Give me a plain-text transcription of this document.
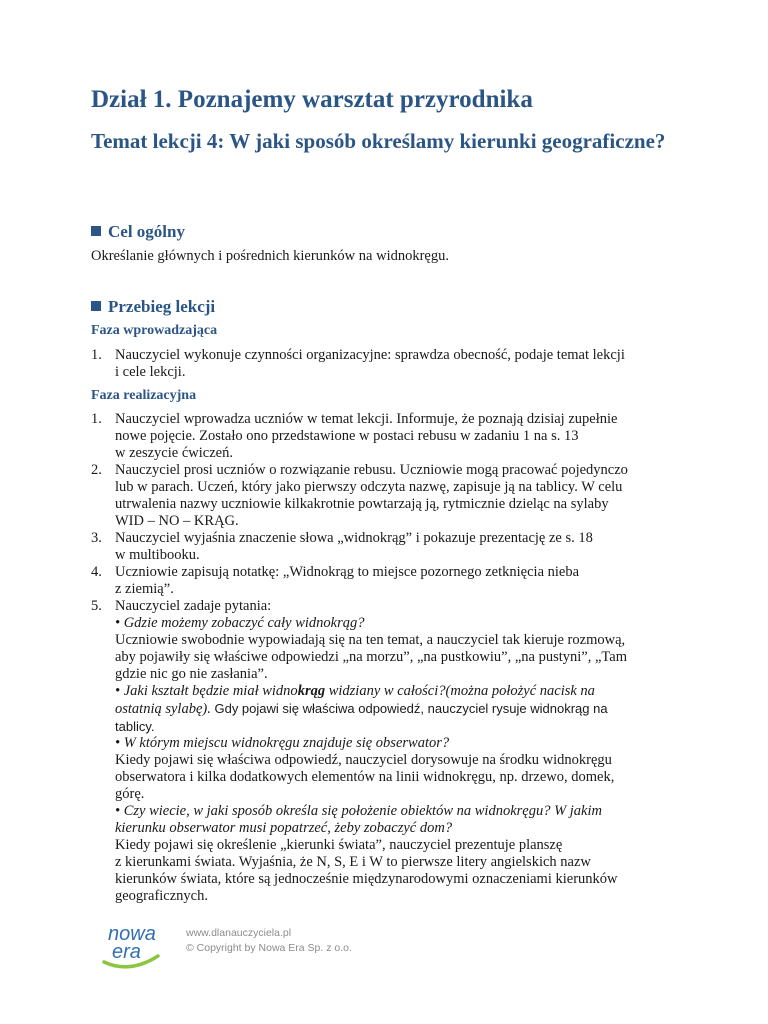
Dział 1. Poznajemy warsztat przyrodnika
Temat lekcji 4: W jaki sposób określamy kierunki geograficzne?
Cel ogólny
Określanie głównych i pośrednich kierunków na widnokręgu.
Przebieg lekcji
Faza wprowadzająca
1. Nauczyciel wykonuje czynności organizacyjne: sprawdza obecność, podaje temat lekcji
i cele lekcji.
Faza realizacyjna
1. Nauczyciel wprowadza uczniów w temat lekcji. Informuje, że poznają dzisiaj zupełnie
nowe pojęcie. Zostało ono przedstawione w postaci rebusu w zadaniu 1 na s. 13
w zeszycie ćwiczeń.
2. Nauczyciel prosi uczniów o rozwiązanie rebusu. Uczniowie mogą pracować pojedynczo
lub w parach. Uczeń, który jako pierwszy odczyta nazwę, zapisuje ją na tablicy. W celu
utrwalenia nazwy uczniowie kilkakrotnie powtarzają ją, rytmicznie dzieląc na sylaby
WID – NO – KRĄG.
3. Nauczyciel wyjaśnia znaczenie słowa „widnokrąg” i pokazuje prezentację ze s. 18
w multibooku.
4. Uczniowie zapisują notatkę: „Widnokrąg to miejsce pozornego zetknięcia nieba
z ziemią”.
5. Nauczyciel zadaje pytania:
• Gdzie możemy zobaczyć cały widnokrąg?
Uczniowie swobodnie wypowiadają się na ten temat, a nauczyciel tak kieruje rozmową,
aby pojawiły się właściwe odpowiedzi „na morzu”, „na pustkowiu”, „na pustyni”, „Tam
gdzie nic go nie zasłania”.
• Jaki kształt będzie miał widnokrąg widziany w całości?(można położyć nacisk na
ostatnią sylabę). Gdy pojawi się właściwa odpowiedź, nauczyciel rysuje widnokrąg na
tablicy.
• W którym miejscu widnokręgu znajduje się obserwator?
Kiedy pojawi się właściwa odpowiedź, nauczyciel dorysowuje na środku widnokręgu
obserwatora i kilka dodatkowych elementów na linii widnokręgu, np. drzewo, domek,
górę.
• Czy wiecie, w jaki sposób określa się położenie obiektów na widnokręgu? W jakim
kierunku obserwator musi popatrzeć, żeby zobaczyć dom?
Kiedy pojawi się określenie „kierunki świata”, nauczyciel prezentuje planszę
z kierunkami świata. Wyjaśnia, że N, S, E i W to pierwsze litery angielskich nazw
kierunków świata, które są jednocześnie międzynarodowymi oznaczeniami kierunków
geograficznych.
nowa
era
www.dlanauczyciela.pl
© Copyright by Nowa Era Sp. z o.o.
